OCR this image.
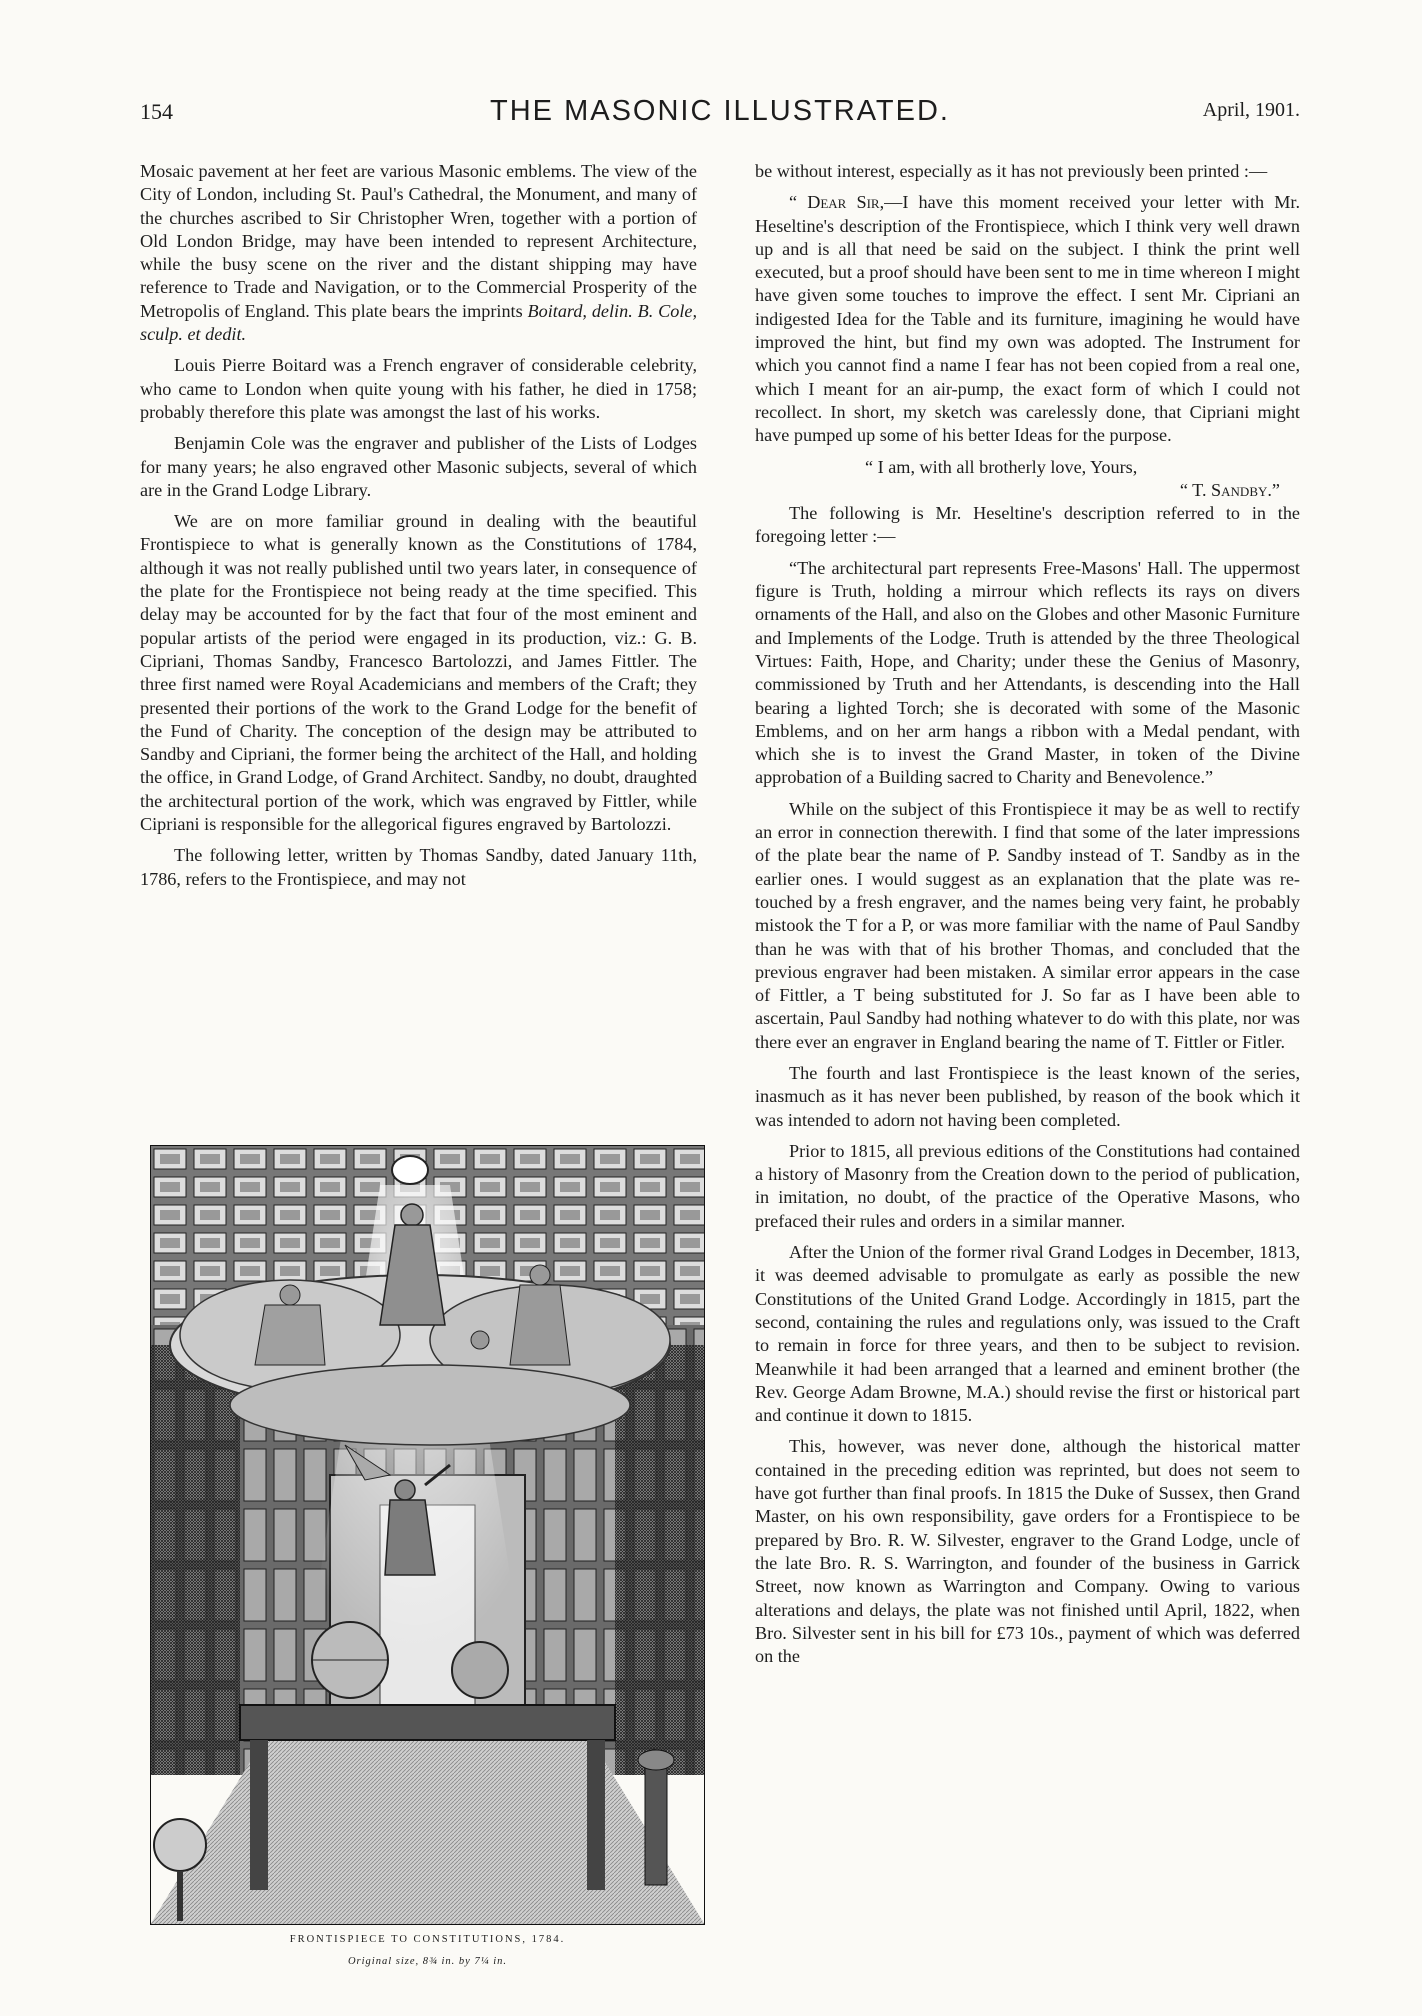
154	THE MASONIC ILLUSTRATED.	April, 1901.

Mosaic pavement at her feet are various Masonic emblems. The view of the City of London, including St. Paul's Cathedral, the Monument, and many of the churches ascribed to Sir Christopher Wren, together with a portion of Old London Bridge, may have been intended to represent Architecture, while the busy scene on the river and the distant shipping may have reference to Trade and Navigation, or to the Commercial Prosperity of the Metropolis of England. This plate bears the imprints Boitard, delin. B. Cole, sculp. et dedit.

Louis Pierre Boitard was a French engraver of considerable celebrity, who came to London when quite young with his father, he died in 1758; probably therefore this plate was amongst the last of his works.

Benjamin Cole was the engraver and publisher of the Lists of Lodges for many years; he also engraved other Masonic subjects, several of which are in the Grand Lodge Library.

We are on more familiar ground in dealing with the beautiful Frontispiece to what is generally known as the Constitutions of 1784, although it was not really published until two years later, in consequence of the plate for the Frontispiece not being ready at the time specified. This delay may be accounted for by the fact that four of the most eminent and popular artists of the period were engaged in its production, viz.: G. B. Cipriani, Thomas Sandby, Francesco Bartolozzi, and James Fittler. The three first named were Royal Academicians and members of the Craft; they presented their portions of the work to the Grand Lodge for the benefit of the Fund of Charity. The conception of the design may be attributed to Sandby and Cipriani, the former being the architect of the Hall, and holding the office, in Grand Lodge, of Grand Architect. Sandby, no doubt, draughted the architectural portion of the work, which was engraved by Fittler, while Cipriani is responsible for the allegorical figures engraved by Bartolozzi.

The following letter, written by Thomas Sandby, dated January 11th, 1786, refers to the Frontispiece, and may not

FRONTISPIECE TO CONSTITUTIONS, 1784.
Original size, 8¾ in. by 7¼ in.

be without interest, especially as it has not previously been printed :—

“ Dear Sir,—I have this moment received your letter with Mr. Heseltine's description of the Frontispiece, which I think very well drawn up and is all that need be said on the subject. I think the print well executed, but a proof should have been sent to me in time whereon I might have given some touches to improve the effect. I sent Mr. Cipriani an indigested Idea for the Table and its furniture, imagining he would have improved the hint, but find my own was adopted. The Instrument for which you cannot find a name I fear has not been copied from a real one, which I meant for an air-pump, the exact form of which I could not recollect. In short, my sketch was carelessly done, that Cipriani might have pumped up some of his better Ideas for the purpose.

“ I am, with all brotherly love, Yours,

“ T. Sandby.”

The following is Mr. Heseltine's description referred to in the foregoing letter :—

“The architectural part represents Free-Masons' Hall. The uppermost figure is Truth, holding a mirrour which reflects its rays on divers ornaments of the Hall, and also on the Globes and other Masonic Furniture and Implements of the Lodge. Truth is attended by the three Theological Virtues: Faith, Hope, and Charity; under these the Genius of Masonry, commissioned by Truth and her Attendants, is descending into the Hall bearing a lighted Torch; she is decorated with some of the Masonic Emblems, and on her arm hangs a ribbon with a Medal pendant, with which she is to invest the Grand Master, in token of the Divine approbation of a Building sacred to Charity and Benevolence.”

While on the subject of this Frontispiece it may be as well to rectify an error in connection therewith. I find that some of the later impressions of the plate bear the name of P. Sandby instead of T. Sandby as in the earlier ones. I would suggest as an explanation that the plate was re-touched by a fresh engraver, and the names being very faint, he probably mistook the T for a P, or was more familiar with the name of Paul Sandby than he was with that of his brother Thomas, and concluded that the previous engraver had been mistaken. A similar error appears in the case of Fittler, a T being substituted for J. So far as I have been able to ascertain, Paul Sandby had nothing whatever to do with this plate, nor was there ever an engraver in England bearing the name of T. Fittler or Fitler.

The fourth and last Frontispiece is the least known of the series, inasmuch as it has never been published, by reason of the book which it was intended to adorn not having been completed.

Prior to 1815, all previous editions of the Constitutions had contained a history of Masonry from the Creation down to the period of publication, in imitation, no doubt, of the practice of the Operative Masons, who prefaced their rules and orders in a similar manner.

After the Union of the former rival Grand Lodges in December, 1813, it was deemed advisable to promulgate as early as possible the new Constitutions of the United Grand Lodge. Accordingly in 1815, part the second, containing the rules and regulations only, was issued to the Craft to remain in force for three years, and then to be subject to revision. Meanwhile it had been arranged that a learned and eminent brother (the Rev. George Adam Browne, M.A.) should revise the first or historical part and continue it down to 1815.

This, however, was never done, although the historical matter contained in the preceding edition was reprinted, but does not seem to have got further than final proofs. In 1815 the Duke of Sussex, then Grand Master, on his own responsibility, gave orders for a Frontispiece to be prepared by Bro. R. W. Silvester, engraver to the Grand Lodge, uncle of the late Bro. R. S. Warrington, and founder of the business in Garrick Street, now known as Warrington and Company. Owing to various alterations and delays, the plate was not finished until April, 1822, when Bro. Silvester sent in his bill for £73 10s., payment of which was deferred on the
